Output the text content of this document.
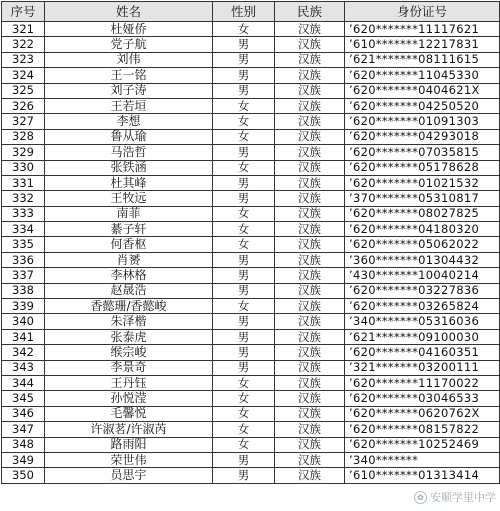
序号	姓名	性别	民族	身份证号
321	杜娅侨	女	汉族	’620*******11117621
322	党子航	男	汉族	’610*******12217831
323	刘伟	男	汉族	’621*******08111615
324	王一铭	男	汉族	’620*******11045330
325	刘子涛	男	汉族	’620*******0404621X
326	王若垣	女	汉族	’620*******04250520
327	李想	女	汉族	’620*******01091303
328	鲁从瑜	女	汉族	’620*******04293018
329	马浩哲	男	汉族	’620*******07035815
330	张铁涵	女	汉族	’620*******05178628
331	杜其峰	男	汉族	’620*******01021532
332	王牧远	男	汉族	’370*******05310817
333	南菲	女	汉族	’620*******08027825
334	綦子轩	女	汉族	’620*******04180320
335	何香枢	女	汉族	’620*******05062022
336	肖赟	男	汉族	’360*******01304432
337	李林格	男	汉族	’430*******10040214
338	赵晟浩	男	汉族	’620*******03227836
339	香懿珊/香懿峻	女	汉族	’620*******03265824
340	朱泽楷	男	汉族	’340*******05316036
341	张泰虎	男	汉族	’621*******09100030
342	缑宗峻	男	汉族	’620*******04160351
343	李景奇	男	汉族	’321*******03200111
344	王丹钰	女	汉族	’620*******11170022
345	孙悦滢	女	汉族	’620*******03046533
346	毛馨悦	女	汉族	’620*******0620762X
347	许淑茗/许淑芮	女	汉族	’620*******08157822
348	路雨阳	女	汉族	’620*******10252469
349	荣世伟	男	汉族	’340*******
350	员思宇	男	汉族	’610*******01313414
✿ 安顺学里中学
